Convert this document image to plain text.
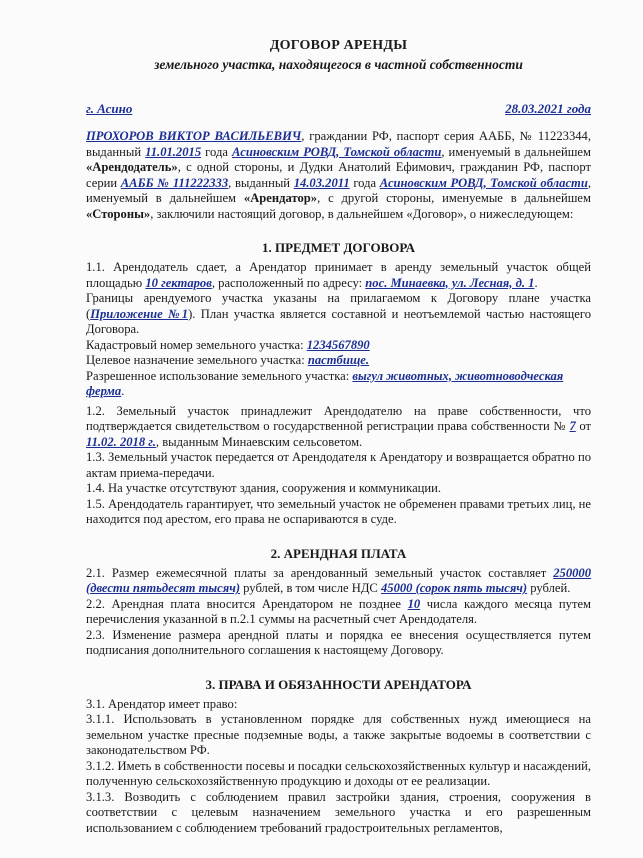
ДОГОВОР АРЕНДЫ
земельного участка, находящегося в частной собственности
г. Асино	28.03.2021 года

ПРОХОРОВ ВИКТОР ВАСИЛЬЕВИЧ, граждании РФ, паспорт серия ААББ, № 11223344, выданный 11.01.2015 года Асиновским РОВД, Томской области, именуемый в дальнейшем «Арендодатель», с одной стороны, и Дудки Анатолий Ефимович, гражданин РФ, паспорт серии ААББ № 111222333, выданный 14.03.2011 года Асиновским РОВД, Томской области, именуемый в дальнейшем «Арендатор», с другой стороны, именуемые в дальнейшем «Стороны», заключили настоящий договор, в дальнейшем «Договор», о нижеследующем:

1. ПРЕДМЕТ ДОГОВОРА

1.1. Арендодатель сдает, а Арендатор принимает в аренду земельный участок общей площадью 10 гектаров, расположенный по адресу: пос. Минаевка, ул. Лесная, д. 1.
Границы арендуемого участка указаны на прилагаемом к Договору плане участка (Приложение №1). План участка является составной и неотъемлемой частью настоящего Договора.

Кадастровый номер земельного участка: 1234567890
Целевое назначение земельного участка: пастбище.
Разрешенное использование земельного участка: выгул животных, животноводческая ферма.

1.2. Земельный участок принадлежит Арендодателю на праве собственности, что подтверждается свидетельством о государственной регистрации права собственности № 7 от 11.02. 2018 г., выданным Минаевским сельсоветом.

1.3. Земельный участок передается от Арендодателя к Арендатору и возвращается обратно по актам приема-передачи.

1.4. На участке отсутствуют здания, сооружения и коммуникации.

1.5. Арендодатель гарантирует, что земельный участок не обременен правами третьих лиц, не находится под арестом, его права не оспариваются в суде.

2. АРЕНДНАЯ ПЛАТА

2.1. Размер ежемесячной платы за арендованный земельный участок составляет 250000 (двести пятьдесят тысяч) рублей, в том числе НДС 45000 (сорок пять тысяч) рублей.

2.2. Арендная плата вносится Арендатором не позднее 10 числа каждого месяца путем перечисления указанной в п.2.1 суммы на расчетный счет Арендодателя.

2.3. Изменение размера арендной платы и порядка ее внесения осуществляется путем подписания дополнительного соглашения к настоящему Договору.

3. ПРАВА И ОБЯЗАННОСТИ АРЕНДАТОРА

3.1. Арендатор имеет право:

3.1.1. Использовать в установленном порядке для собственных нужд имеющиеся на земельном участке пресные подземные воды, а также закрытые водоемы в соответствии с законодательством РФ.

3.1.2. Иметь в собственности посевы и посадки сельскохозяйственных культур и насаждений, полученную сельскохозяйственную продукцию и доходы от ее реализации.

3.1.3. Возводить с соблюдением правил застройки здания, строения, сооружения в соответствии с целевым назначением земельного участка и его разрешенным использованием с соблюдением требований градостроительных регламентов,
